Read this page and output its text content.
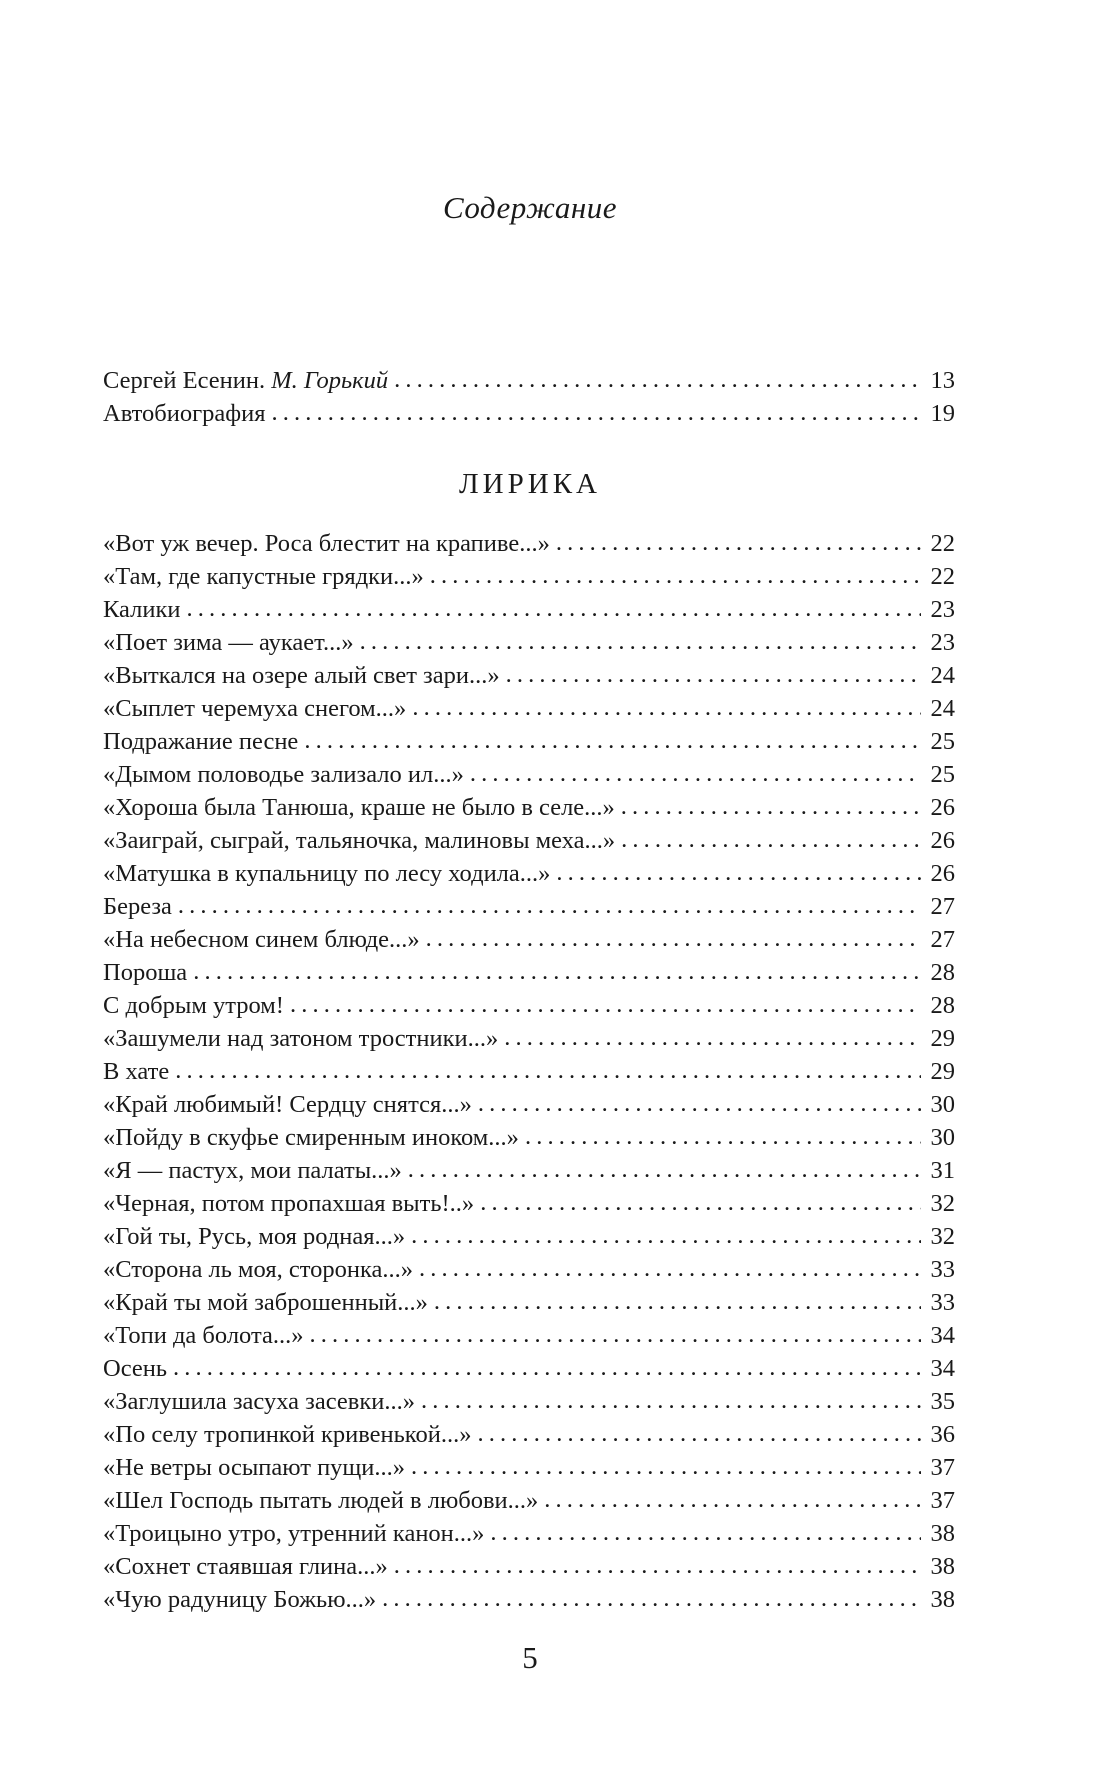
Содержание
Сергей Есенин. М. Горький . . .	13
Автобиография . . .	19
ЛИРИКА
«Вот уж вечер. Роса блестит на крапиве...» . . .	22
«Там, где капустные грядки...» . . .	22
Калики . . .	23
«Поет зима — аукает...» . . .	23
«Выткался на озере алый свет зари...» . . .	24
«Сыплет черемуха снегом...» . . .	24
Подражание песне . . .	25
«Дымом половодье зализало ил...» . . .	25
«Хороша была Танюша, краше не было в селе...» . . .	26
«Заиграй, сыграй, тальяночка, малиновы меха...» . . .	26
«Матушка в купальницу по лесу ходила...» . . .	26
Береза . . .	27
«На небесном синем блюде...» . . .	27
Пороша . . .	28
С добрым утром! . . .	28
«Зашумели над затоном тростники...» . . .	29
В хате . . .	29
«Край любимый! Сердцу снятся...» . . .	30
«Пойду в скуфье смиренным иноком...» . . .	30
«Я — пастух, мои палаты...» . . .	31
«Черная, потом пропахшая выть!..» . . .	32
«Гой ты, Русь, моя родная...» . . .	32
«Сторона ль моя, сторонка...» . . .	33
«Край ты мой заброшенный...» . . .	33
«Топи да болота...» . . .	34
Осень . . .	34
«Заглушила засуха засевки...» . . .	35
«По селу тропинкой кривенькой...» . . .	36
«Не ветры осыпают пущи...» . . .	37
«Шел Господь пытать людей в любови...» . . .	37
«Троицыно утро, утренний канон...» . . .	38
«Сохнет стаявшая глина...» . . .	38
«Чую радуницу Божью...» . . .	38
5
